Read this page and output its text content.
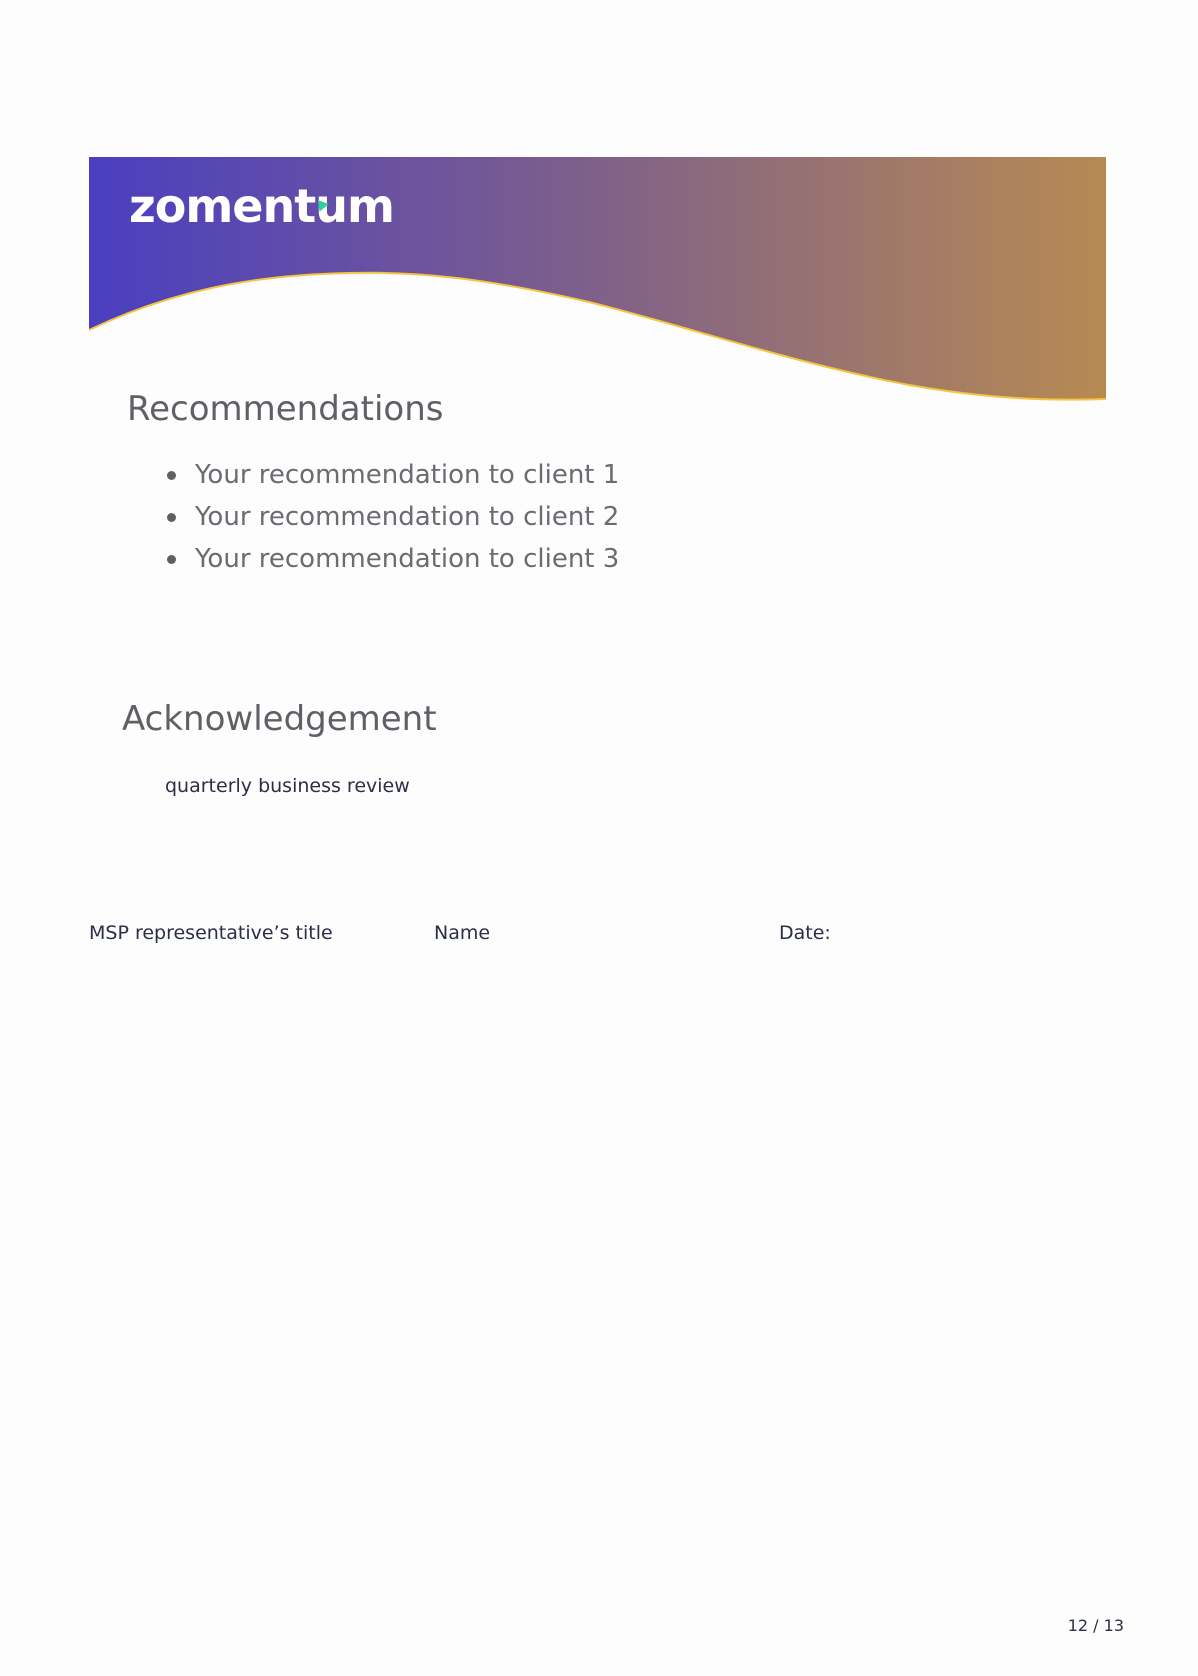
zomentum
Recommendations
Your recommendation to client 1
Your recommendation to client 2
Your recommendation to client 3
Acknowledgement
quarterly business review
MSP representative’s title	Name	Date:
12 / 13
